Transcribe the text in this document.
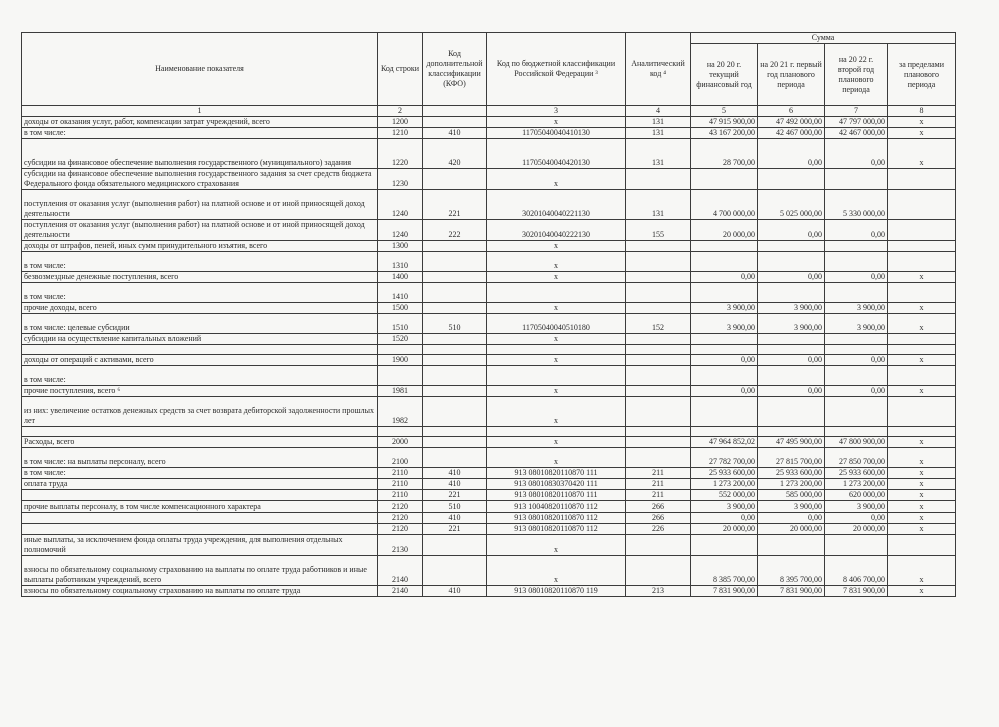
Наименование показателя	Код строки	Код дополнительной классификации (КФО)	Код по бюджетной классификации Российской Федерации ³	Аналитический код ⁴	Сумма			
					на 20 20 г. текущий финансовый год	на 20 21 г. первый год планового периода	на 20 22 г. второй год планового периода	за пределами планового периода
1	2		3	4	5	6	7	8
доходы от оказания услуг, работ, компенсации затрат учреждений, всего	1200		x	131	47 915 900,00	47 492 000,00	47 797 000,00	x
в том числе:	1210	410	11705040040410130	131	43 167 200,00	42 467 000,00	42 467 000,00	x
субсидии на финансовое обеспечение выполнения государственного (муниципального) задания	1220	420	11705040040420130	131	28 700,00	0,00	0,00	x
субсидии на финансовое обеспечение выполнения государственного задания за счет средств бюджета Федерального фонда обязательного медицинского страхования	1230		x					
поступления от оказания услуг (выполнения работ) на платной основе и от иной приносящей доход деятельности	1240	221	30201040040221130	131	4 700 000,00	5 025 000,00	5 330 000,00	
поступления от оказания услуг (выполнения работ) на платной основе и от иной приносящей доход деятельности	1240	222	30201040040222130	155	20 000,00	0,00	0,00	
доходы от штрафов, пеней, иных сумм принудительного изъятия, всего	1300		x					
в том числе:	1310		x					
безвозмездные денежные поступления, всего	1400		x		0,00	0,00	0,00	x
в том числе:	1410							
прочие доходы, всего	1500		x		3 900,00	3 900,00	3 900,00	x
в том числе: целевые субсидии	1510	510	11705040040510180	152	3 900,00	3 900,00	3 900,00	x
субсидии на осуществление капитальных вложений	1520		x					

доходы от операций с активами, всего	1900		x		0,00	0,00	0,00	x
в том числе:								
прочие поступления, всего ⁶	1981		x		0,00	0,00	0,00	x
из них: увеличение остатков денежных средств за счет возврата дебиторской задолженности прошлых лет	1982		x					

Расходы, всего	2000		x		47 964 852,02	47 495 900,00	47 800 900,00	x
в том числе: на выплаты персоналу, всего	2100		x		27 782 700,00	27 815 700,00	27 850 700,00	x
в том числе:	2110	410	913 08010820110870 111	211	25 933 600,00	25 933 600,00	25 933 600,00	x
оплата труда	2110	410	913 08010830370420 111	211	1 273 200,00	1 273 200,00	1 273 200,00	x
	2110	221	913 08010820110870 111	211	552 000,00	585 000,00	620 000,00	x
прочие выплаты персоналу, в том числе компенсационного характера	2120	510	913 10040820110870 112	266	3 900,00	3 900,00	3 900,00	x
	2120	410	913 08010820110870 112	266	0,00	0,00	0,00	x
	2120	221	913 08010820110870 112	226	20 000,00	20 000,00	20 000,00	x
иные выплаты, за исключением фонда оплаты труда учреждения, для выполнения отдельных полномочий	2130		x					
взносы по обязательному социальному страхованию на выплаты по оплате труда работников и иные выплаты работникам учреждений, всего	2140		x		8 385 700,00	8 395 700,00	8 406 700,00	x
взносы по обязательному социальному страхованию на выплаты по оплате труда	2140	410	913 08010820110870 119	213	7 831 900,00	7 831 900,00	7 831 900,00	x
